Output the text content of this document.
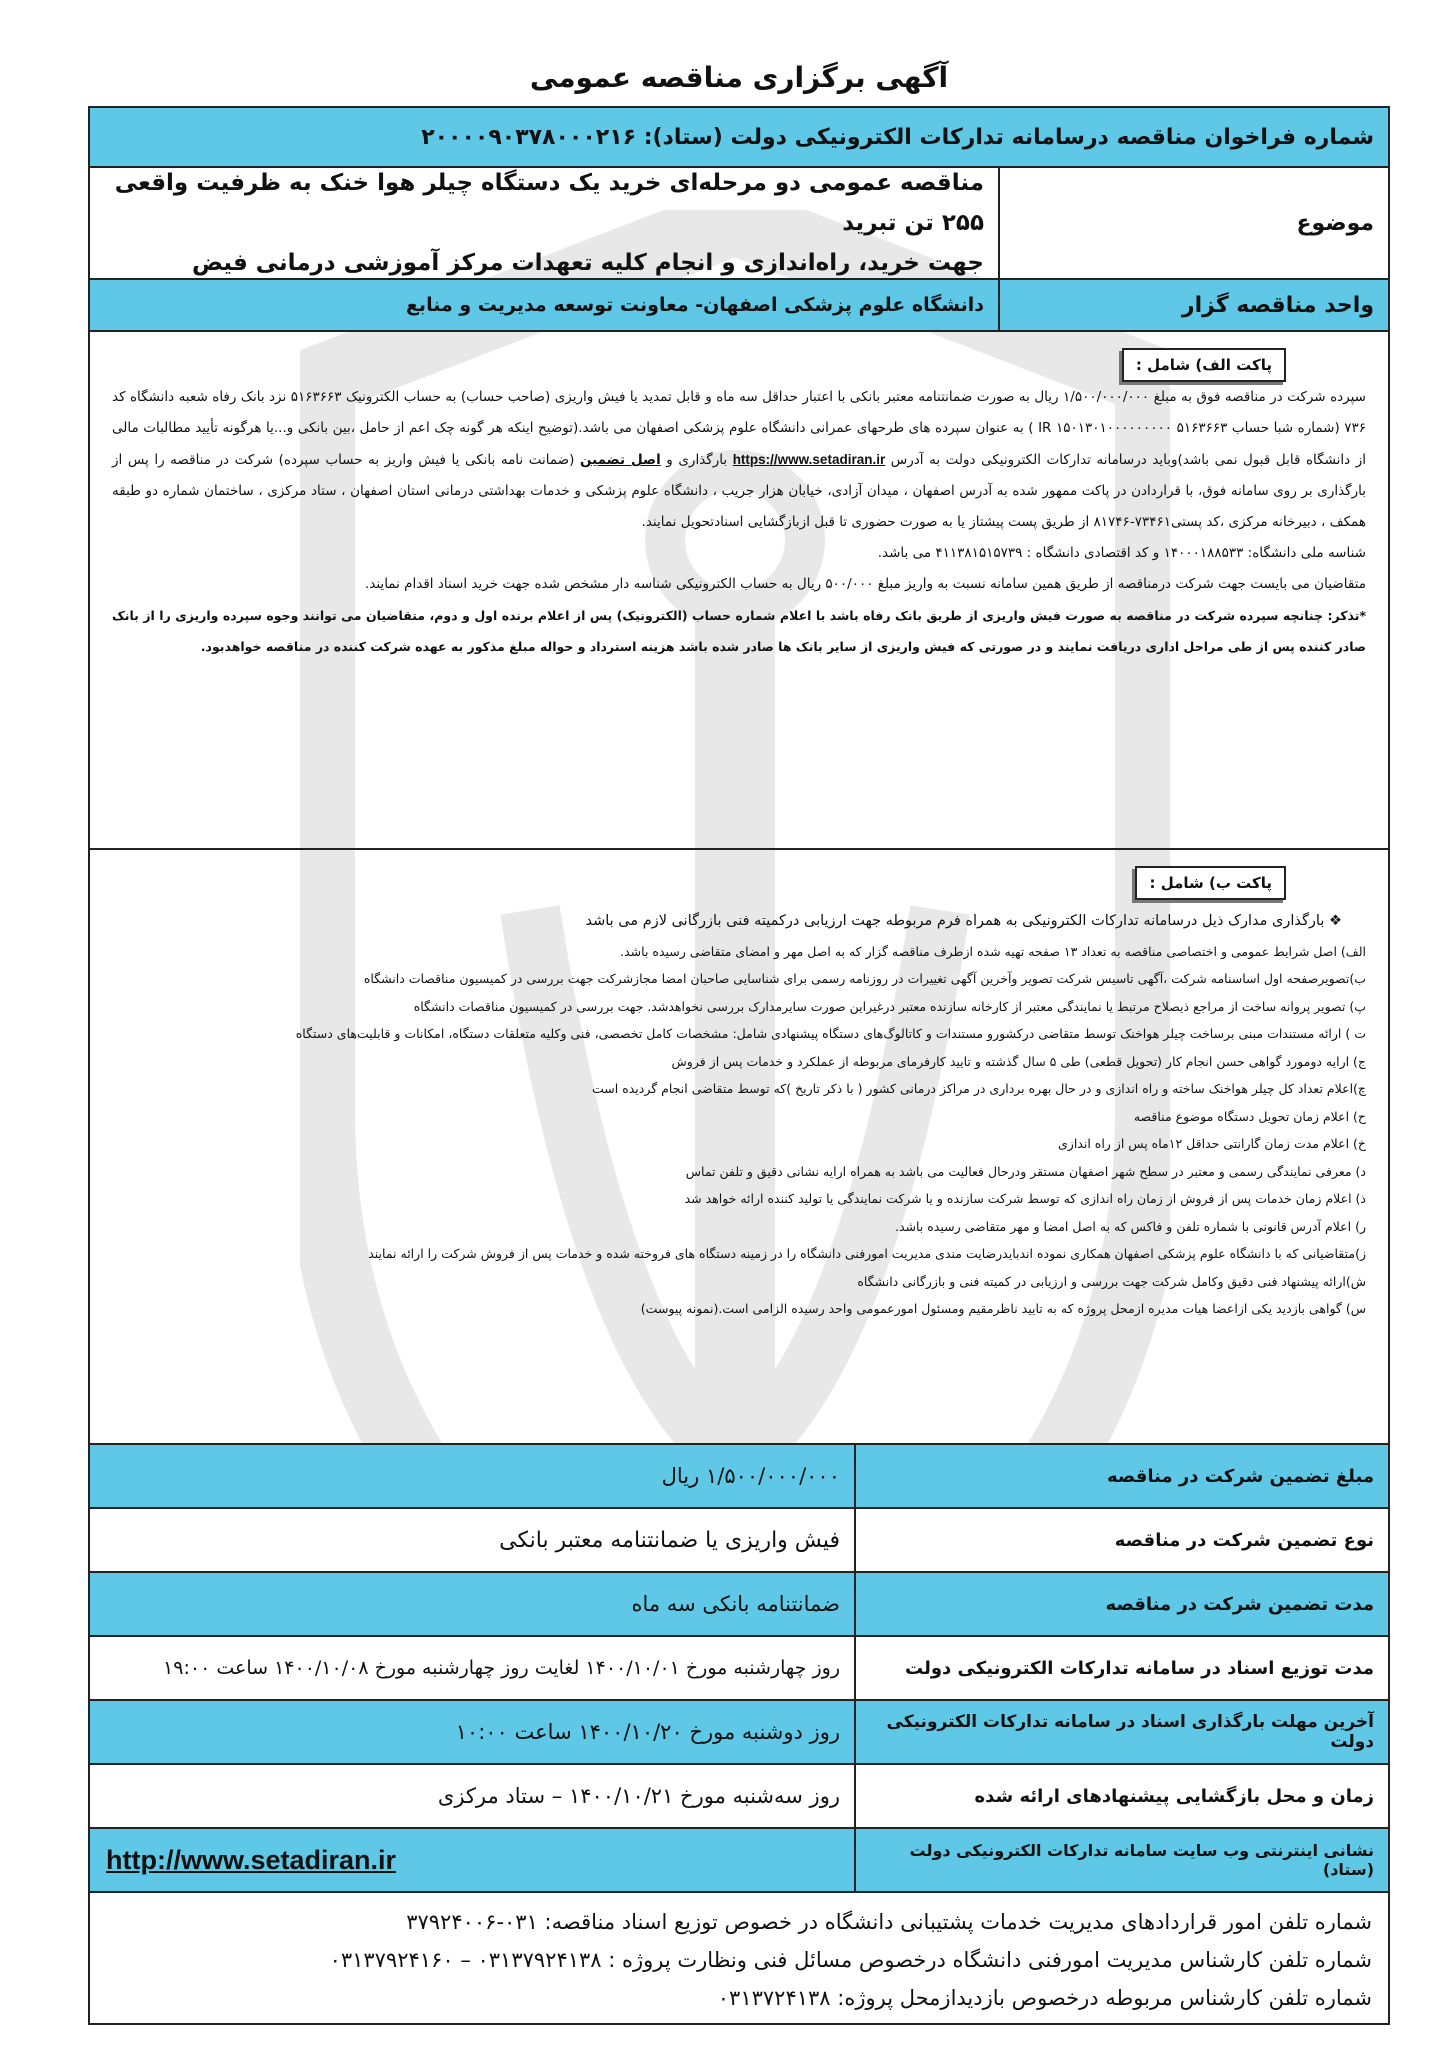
آگهی برگزاری مناقصه عمومی
شماره فراخوان مناقصه درسامانه تدارکات الکترونیکی دولت (ستاد): ۲۰۰۰۰۹۰۳۷۸۰۰۰۲۱۶
موضوع
مناقصه عمومی دو مرحله‌ای خرید یک دستگاه چیلر هوا خنک به ظرفیت واقعی ۲۵۵ تن تبرید
جهت خرید، راه‌اندازی و انجام کلیه تعهدات مرکز آموزشی درمانی فیض
واحد مناقصه گزار
دانشگاه علوم پزشکی اصفهان- معاونت توسعه مدیریت و منابع
پاکت الف) شامل :

سپرده شرکت در مناقصه فوق به مبلغ ۱/۵۰۰/۰۰۰/۰۰۰ ریال به صورت ضمانتنامه معتبر بانکی با اعتبار حداقل سه ماه و قابل تمدید یا فیش واریزی (صاحب حساب) به حساب الکترونیک ۵۱۶۳۶۶۳ نزد بانک رفاه شعبه دانشگاه کد ۷۳۶ (شماره شبا حساب ۵۱۶۳۶۶۳ ۱۵۰۱۳۰۱۰۰۰۰۰۰۰۰۰ IR ) به عنوان سپرده های طرحهای عمرانی دانشگاه علوم پزشکی اصفهان می باشد.(توضیح اینکه هر گونه چک اعم از حامل ،بین بانکی و...یا هرگونه تأیید مطالبات مالی از دانشگاه قابل قبول نمی باشد)وباید درسامانه تدارکات الکترونیکی دولت به آدرس https://www.setadiran.ir بارگذاری و اصل تضمین (ضمانت نامه بانکی یا فیش واریز به حساب سپرده) شرکت در مناقصه را پس از بارگذاری بر روی سامانه فوق، با قراردادن در پاکت ممهور شده به آدرس اصفهان ، میدان آزادی، خیابان هزار جریب ، دانشگاه علوم پزشکی و خدمات بهداشتی درمانی استان اصفهان ، ستاد مرکزی ، ساختمان شماره دو طبقه همکف ، دبیرخانه مرکزی ،کد پستی۷۳۴۶۱-۸۱۷۴۶ از طریق پست پیشتاز یا به صورت حضوری تا قبل ازبازگشایی اسنادتحویل نمایند.

شناسه ملی دانشگاه: ۱۴۰۰۰۱۸۸۵۳۳ و کد اقتصادی دانشگاه : ۴۱۱۳۸۱۵۱۵۷۳۹ می باشد.

متقاضیان می بایست جهت شرکت درمناقصه از طریق همین سامانه نسبت به واریز مبلغ ۵۰۰/۰۰۰ ریال به حساب الکترونیکی شناسه دار مشخص شده جهت خرید اسناد اقدام نمایند.

*تذکر: چنانچه سپرده شرکت در مناقصه به صورت فیش واریزی از طریق بانک رفاه باشد با اعلام شماره حساب (الکترونیک) پس از اعلام برنده اول و دوم، متقاضیان می توانند وجوه سپرده واریزی را از بانک صادر کننده پس از طی مراحل اداری دریافت نمایند و در صورتی که فیش واریزی از سایر بانک ها صادر شده باشد هزینه استرداد و حواله مبلغ مذکور به عهده شرکت کننده در مناقصه خواهدبود.

پاکت ب) شامل :
❖ بارگذاری مدارک ذیل درسامانه تدارکات الکترونیکی به همراه فرم مربوطه جهت ارزیابی درکمیته فنی بازرگانی لازم می باشد
الف) اصل شرایط عمومی و اختصاصی مناقصه به تعداد ۱۳ صفحه تهیه شده ازطرف مناقصه گزار که به اصل مهر و امضای متقاضی رسیده باشد.
ب)تصویرصفحه اول اساسنامه شرکت ،آگهی تاسیس شرکت تصویر وآخرین آگهی تغییرات در روزنامه رسمی برای شناسایی صاحبان امضا مجازشرکت جهت بررسی در کمیسیون مناقصات دانشگاه
پ) تصویر پروانه ساخت از مراجع ذیصلاح مرتبط یا نمایندگی معتبر از کارخانه سازنده معتبر درغیراین صورت سایرمدارک بررسی نخواهدشد. جهت بررسی در کمیسیون مناقصات دانشگاه
ت ) ارائه مستندات مبنی برساخت چیلر هواخنک توسط متقاضی درکشورو مستندات و کاتالوگ‌های دستگاه پیشنهادی شامل: مشخصات کامل تخصصی، فنی وکلیه متعلقات دستگاه، امکانات و قابلیت‌های دستگاه
ج) ارایه دومورد گواهی حسن انجام کار (تحویل قطعی) طی ۵ سال گذشته و تایید کارفرمای مربوطه از عملکرد و خدمات پس از فروش
چ)اعلام تعداد کل چیلر هواخنک ساخته و راه اندازی و در حال بهره برداری در مراکز درمانی کشور ( با ذکر تاریخ )که توسط متقاضی انجام گردیده است
ح) اعلام زمان تحویل دستگاه موضوع مناقصه
خ) اعلام مدت زمان گارانتی حداقل ۱۲ماه پس از راه اندازی
د) معرفی نمایندگی رسمی و معتبر در سطح شهر اصفهان مستقر ودرحال فعالیت می باشد به همراه ارایه نشانی دقیق و تلفن تماس
ذ) اعلام زمان خدمات پس از فروش از زمان راه اندازی که توسط شرکت سازنده و یا شرکت نمایندگی یا تولید کننده ارائه خواهد شد
ر) اعلام آدرس قانونی با شماره تلفن و فاکس که به اصل امضا و مهر متقاضی رسیده باشد.
ز)متقاضیانی که با دانشگاه علوم پزشکی اصفهان همکاری نموده اندبایدرضایت مندی مدیریت امورفنی دانشگاه را در زمینه دستگاه های فروخته شده و خدمات پس از فروش شرکت را ارائه نمایند
ش)ارائه پیشنهاد فنی دقیق وکامل شرکت جهت بررسی و ارزیابی در کمیته فنی و بازرگانی دانشگاه
س) گواهی بازدید یکی ازاعضا هیات مدیره ازمحل پروژه که به تایید ناظرمقیم ومسئول امورعمومی واحد رسیده الزامی است.(نمونه پیوست)
مبلغ تضمین شرکت در مناقصه
۱/۵۰۰/۰۰۰/۰۰۰ ریال
نوع تضمین شرکت در مناقصه
فیش واریزی یا ضمانتنامه معتبر بانکی
مدت تضمین شرکت در مناقصه
ضمانتنامه بانکی سه ماه
مدت توزیع اسناد در سامانه تدارکات الکترونیکی دولت
روز چهارشنبه مورخ ۱۴۰۰/۱۰/۰۱ لغایت روز چهارشنبه مورخ ۱۴۰۰/۱۰/۰۸ ساعت ۱۹:۰۰
آخرین مهلت بارگذاری اسناد در سامانه تدارکات الکترونیکی دولت
روز دوشنبه مورخ ۱۴۰۰/۱۰/۲۰ ساعت ۱۰:۰۰
زمان و محل بازگشایی پیشنهادهای ارائه شده
روز سه‌شنبه مورخ ۱۴۰۰/۱۰/۲۱ – ستاد مرکزی
نشانی اینترنتی وب سایت سامانه تدارکات الکترونیکی دولت (ستاد)
http://www.setadiran.ir

شماره تلفن امور قراردادهای مدیریت خدمات پشتیبانی دانشگاه در خصوص توزیع اسناد مناقصه: ۰۳۱-۳۷۹۲۴۰۰۶

شماره تلفن کارشناس مدیریت امورفنی دانشگاه درخصوص مسائل فنی ونظارت پروژه : ۰۳۱۳۷۹۲۴۱۳۸ – ۰۳۱۳۷۹۲۴۱۶۰

شماره تلفن کارشناس مربوطه درخصوص بازدیدازمحل پروژه: ۰۳۱۳۷۲۴۱۳۸
